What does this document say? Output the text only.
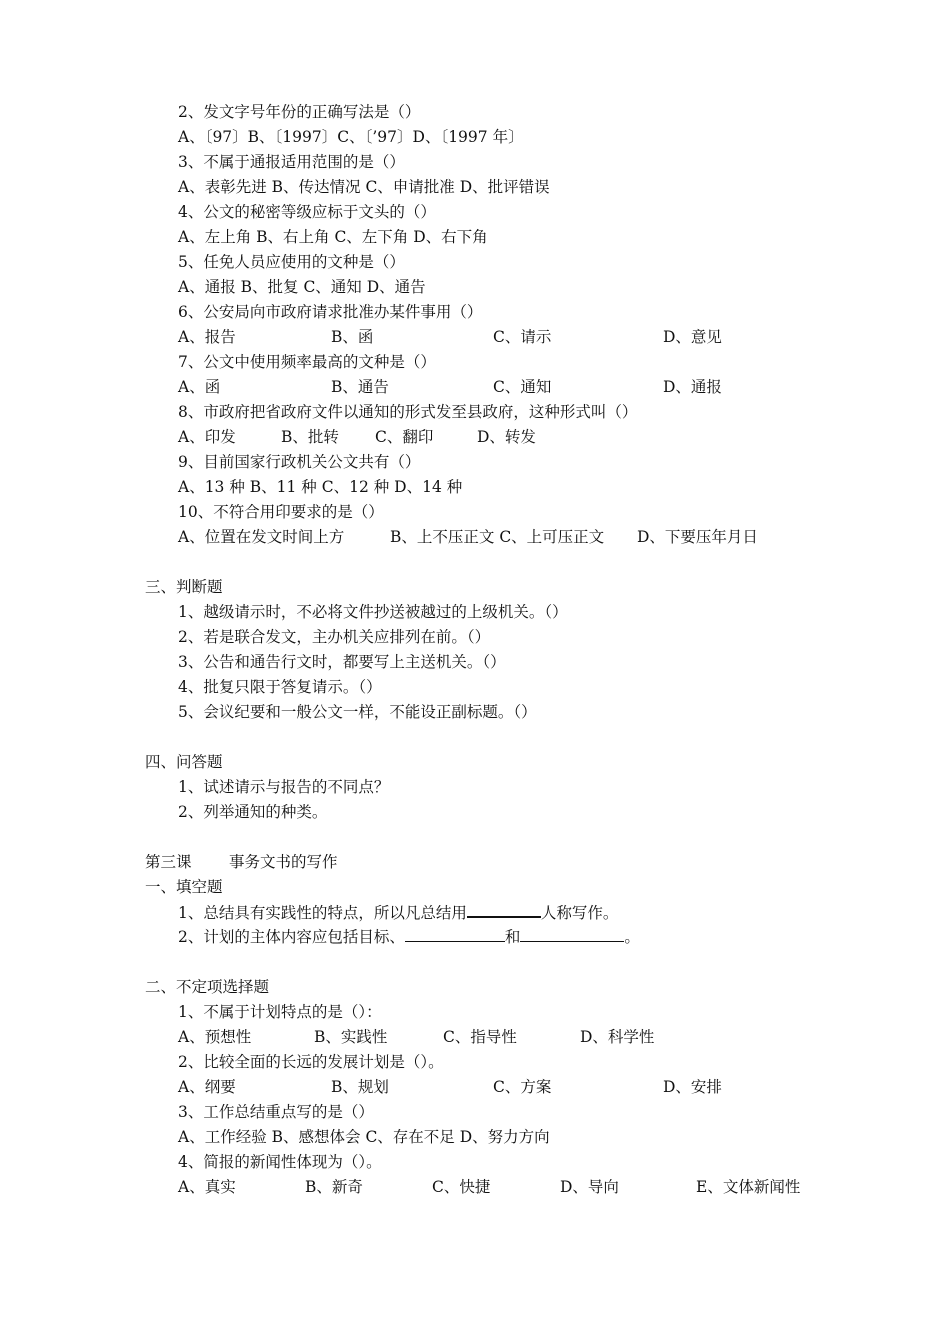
2、发文字号年份的正确写法是（）
A、〔97〕B、〔1997〕C、〔’97〕D、〔1997 年〕
3、不属于通报适用范围的是（）
A、表彰先进 B、传达情况 C、申请批准 D、批评错误
4、公文的秘密等级应标于文头的（）
A、左上角 B、右上角 C、左下角 D、右下角
5、任免人员应使用的文种是（）
A、通报 B、批复 C、通知 D、通告
6、公安局向市政府请求批准办某件事用（）
A、报告	B、函	C、请示	D、意见
7、公文中使用频率最高的文种是（）
A、函	B、通告	C、通知	D、通报
8、市政府把省政府文件以通知的形式发至县政府，这种形式叫（）
A、印发	B、批转 C、翻印	D、转发
9、目前国家行政机关公文共有（）
A、13 种 B、11 种 C、12 种 D、14 种
10、不符合用印要求的是（）
A、位置在发文时间上方	B、上不压正文 C、上可压正文 D、下要压年月日
三、判断题
1、越级请示时，不必将文件抄送被越过的上级机关。（）
2、若是联合发文，主办机关应排列在前。（）
3、公告和通告行文时，都要写上主送机关。（）
4、批复只限于答复请示。（）
5、会议纪要和一般公文一样，不能设正副标题。（）
四、问答题
1、试述请示与报告的不同点？
2、列举通知的种类。
第三课 事务文书的写作
一、填空题
1、总结具有实践性的特点，所以凡总结用	人称写作。
2、计划的主体内容应包括目标、	和	。
二、不定项选择题
1、不属于计划特点的是（）：
A、预想性	B、实践性	C、指导性	D、科学性
2、比较全面的长远的发展计划是（）。
A、纲要	B、规划	C、方案	D、安排
3、工作总结重点写的是（）
A、工作经验 B、感想体会 C、存在不足 D、努力方向
4、简报的新闻性体现为（）。
A、真实	B、新奇	C、快捷	D、导向	E、文体新闻性
